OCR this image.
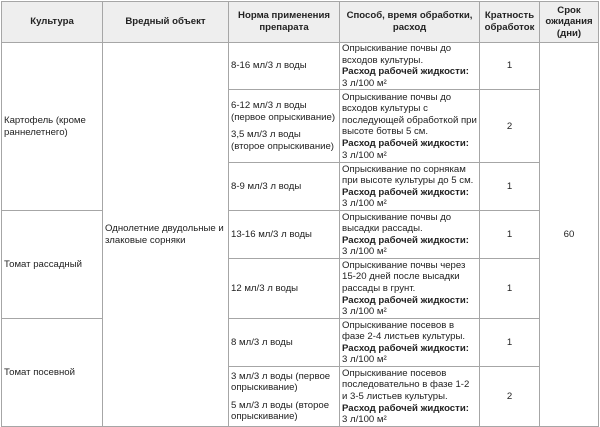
Культура	Вредный объект	Норма применения препарата	Способ, время обработки, расход	Кратность обработок	Срок ожидания (дни)
Картофель (кроме раннелетнего)	Однолетние двудольные и злаковые сорняки	8-16 мл/3 л воды	Опрыскивание почвы до всходов культуры.
Расход рабочей жидкости:
3 л/100 м²	1	60

		6-12 мл/3 л воды (первое опрыскивание)
3,5 мл/3 л воды (второе опрыскивание)	Опрыскивание почвы до всходов культуры с последующей обработкой при высоте ботвы 5 см.
Расход рабочей жидкости:
3 л/100 м²	2	
		8-9 мл/3 л воды	Опрыскивание по сорнякам при высоте культуры до 5 см.
Расход рабочей жидкости:
3 л/100 м²	1	
Томат рассадный		13-16 мл/3 л воды	Опрыскивание почвы до высадки рассады.
Расход рабочей жидкости:
3 л/100 м²	1	
		12 мл/3 л воды	Опрыскивание почвы через 15-20 дней после высадки рассады в грунт.
Расход рабочей жидкости:
3 л/100 м²	1	
Томат посевной		8 мл/3 л воды	Опрыскивание посевов в фазе 2-4 листьев культуры.
Расход рабочей жидкости:
3 л/100 м²	1	

		3 мл/3 л воды (первое опрыскивание)
5 мл/3 л воды (второе опрыскивание)	Опрыскивание посевов последовательно в фазе 1-2 и 3-5 листьев культуры.
Расход рабочей жидкости:
3 л/100 м²	2	
